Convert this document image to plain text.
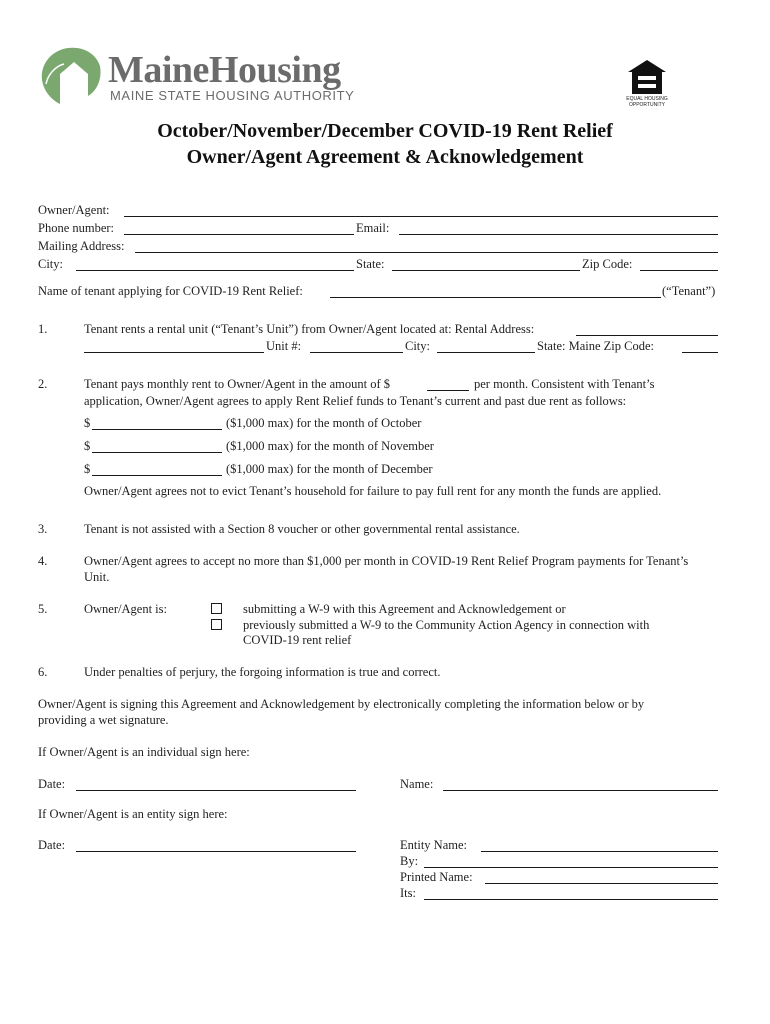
MaineHousing
MAINE STATE HOUSING AUTHORITY	EQUAL HOUSING OPPORTUNITY
October/November/December COVID-19 Rent Relief
Owner/Agent Agreement & Acknowledgement
Owner/Agent:
Phone number:	Email:
Mailing Address:
City:	State:	Zip Code:
Name of tenant applying for COVID-19 Rent Relief:	(“Tenant”)
1.	Tenant rents a rental unit (“Tenant’s Unit”) from Owner/Agent located at: Rental Address:
Unit #:	City:	State: Maine Zip Code:
2.	Tenant pays monthly rent to Owner/Agent in the amount of $	per month. Consistent with Tenant’s
application, Owner/Agent agrees to apply Rent Relief funds to Tenant’s current and past due rent as follows:
$	($1,000 max) for the month of October
$	($1,000 max) for the month of November
$	($1,000 max) for the month of December
Owner/Agent agrees not to evict Tenant’s household for failure to pay full rent for any month the funds are applied.
3.	Tenant is not assisted with a Section 8 voucher or other governmental rental assistance.
4.	Owner/Agent agrees to accept no more than $1,000 per month in COVID-19 Rent Relief Program payments for Tenant’s
Unit.
5.	Owner/Agent is:	submitting a W-9 with this Agreement and Acknowledgement or
previously submitted a W-9 to the Community Action Agency in connection with
COVID-19 rent relief
6.	Under penalties of perjury, the forgoing information is true and correct.
Owner/Agent is signing this Agreement and Acknowledgement by electronically completing the information below or by
providing a wet signature.
If Owner/Agent is an individual sign here:
Date:	Name:
If Owner/Agent is an entity sign here:
Date:	Entity Name:
By:
Printed Name:
Its:
